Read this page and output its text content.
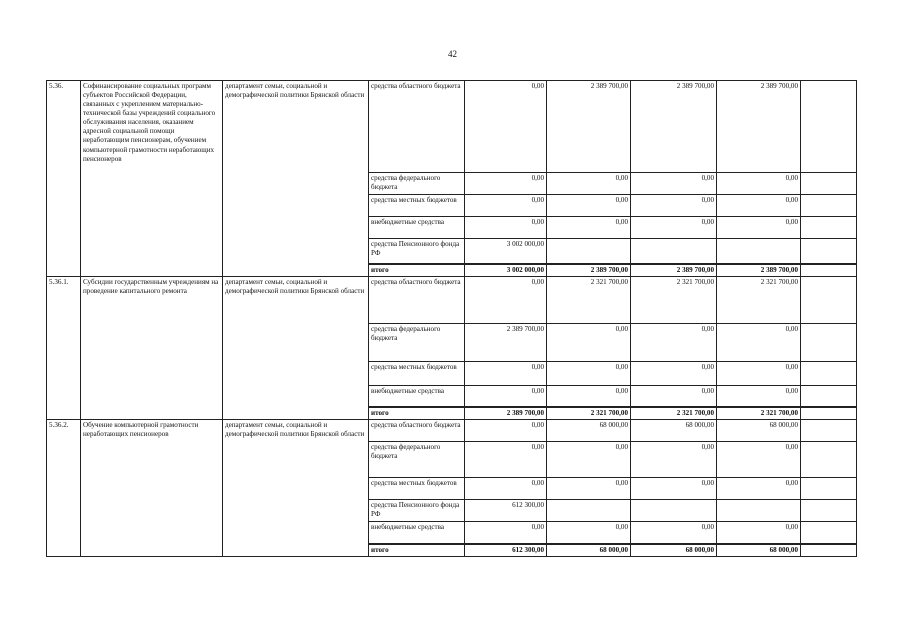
42
5.36.	Софинансирование социальных программ субъектов Российской Федерации, связанных с укреплением материально-технической базы учреждений социального обслуживания населения, оказанием адресной социальной помощи неработающим пенсионерам, обучением компьютерной грамотности неработающих пенсионеров	департамент семьи, социальной и демографической политики Брянской области	средства областного бюджета	0,00	2 389 700,00	2 389 700,00	2 389 700,00	
			средства федерального бюджета	0,00	0,00	0,00	0,00	
			средства местных бюджетов	0,00	0,00	0,00	0,00	
			внебюджетные средства	0,00	0,00	0,00	0,00	
			средства Пенсионного фонда РФ	3 002 000,00				
			итого	3 002 000,00	2 389 700,00	2 389 700,00	2 389 700,00	
5.36.1.	Субсидии государственным учреждениям на проведение капитального ремонта	департамент семьи, социальной и демографической политики Брянской области	средства областного бюджета	0,00	2 321 700,00	2 321 700,00	2 321 700,00	
			средства федерального бюджета	2 389 700,00	0,00	0,00	0,00	
			средства местных бюджетов	0,00	0,00	0,00	0,00	
			внебюджетные средства	0,00	0,00	0,00	0,00	
			итого	2 389 700,00	2 321 700,00	2 321 700,00	2 321 700,00	
5.36.2.	Обучение компьютерной грамотности неработающих пенсионеров	департамент семьи, социальной и демографической политики Брянской области	средства областного бюджета	0,00	68 000,00	68 000,00	68 000,00	
			средства федерального бюджета	0,00	0,00	0,00	0,00	
			средства местных бюджетов	0,00	0,00	0,00	0,00	
			средства Пенсионного фонда РФ	612 300,00				
			внебюджетные средства	0,00	0,00	0,00	0,00	
			итого	612 300,00	68 000,00	68 000,00	68 000,00	
